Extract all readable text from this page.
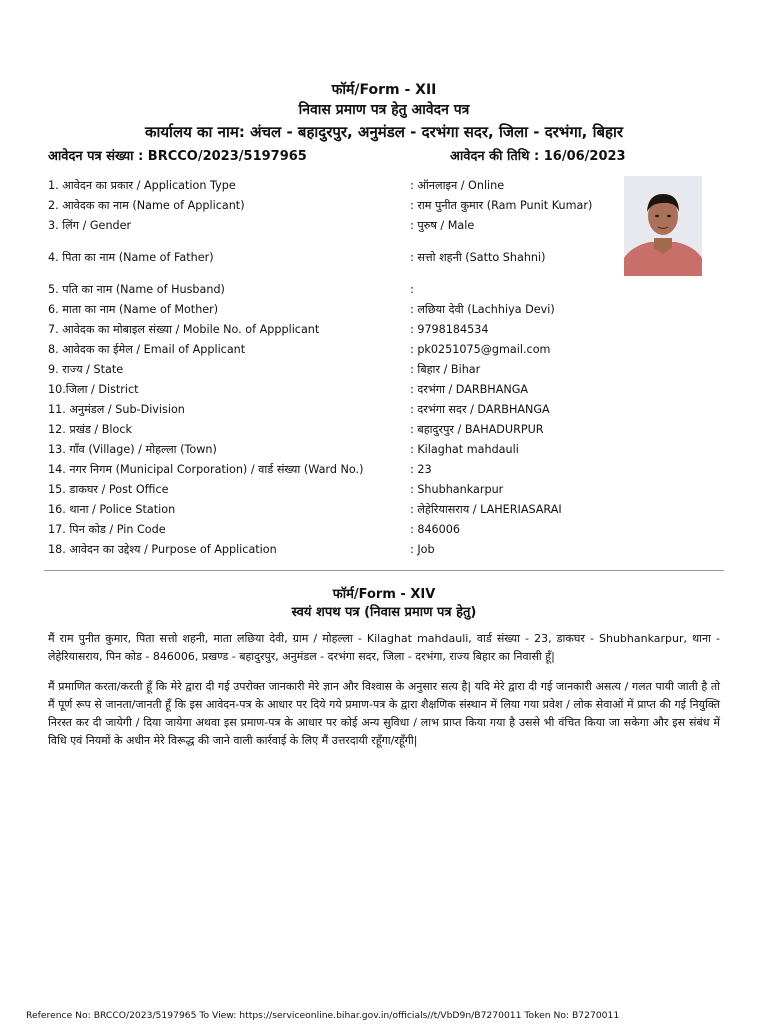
फॉर्म/Form - XII
निवास प्रमाण पत्र हेतु आवेदन पत्र
कार्यालय का नाम: अंचल - बहादुरपुर, अनुमंडल - दरभंगा सदर, जिला - दरभंगा, बिहार
आवेदन पत्र संख्या : BRCCO/2023/5197965	आवेदन की तिथि : 16/06/2023
1. आवेदन का प्रकार / Application Type	: ऑनलाइन / Online
2. आवेदक का नाम (Name of Applicant)	: राम पुनीत कुमार (Ram Punit Kumar)
3. लिंग / Gender	: पुरुष / Male
4. पिता का नाम (Name of Father)	: सत्तो शहनी (Satto Shahni)
5. पति का नाम (Name of Husband)	:
6. माता का नाम (Name of Mother)	: लछिया देवी (Lachhiya Devi)
7. आवेदक का मोबाइल संख्या / Mobile No. of Appplicant	: 9798184534
8. आवेदक का ईमेल / Email of Applicant	: pk0251075@gmail.com
9. राज्य / State	: बिहार / Bihar
10.जिला / District	: दरभंगा / DARBHANGA
11. अनुमंडल / Sub-Division	: दरभंगा सदर / DARBHANGA
12. प्रखंड / Block	: बहादुरपुर / BAHADURPUR
13. गाँव (Village) / मोहल्ला (Town)	: Kilaghat mahdauli
14. नगर निगम (Municipal Corporation) / वार्ड संख्या (Ward No.)	: 23
15. डाकघर / Post Office	: Shubhankarpur
16. थाना / Police Station	: लेहेरियासराय / LAHERIASARAI
17. पिन कोड / Pin Code	: 846006
18. आवेदन का उद्देश्य / Purpose of Application	: Job
फॉर्म/Form - XIV
स्वयं शपथ पत्र (निवास प्रमाण पत्र हेतु)
मैं राम पुनीत कुमार, पिता सत्तो शहनी, माता लछिया देवी, ग्राम / मोहल्ला - Kilaghat mahdauli, वार्ड संख्या - 23, डाकघर - Shubhankarpur, थाना - लेहेरियासराय, पिन कोड - 846006, प्रखण्ड - बहादुरपुर, अनुमंडल - दरभंगा सदर, जिला - दरभंगा, राज्य बिहार का निवासी हूँ|
मैं प्रमाणित करता/करती हूँ कि मेरे द्वारा दी गई उपरोक्त जानकारी मेरे ज्ञान और विश्वास के अनुसार सत्य है| यदि मेरे द्वारा दी गई जानकारी असत्य / गलत पायी जाती है तो मैं पूर्ण रूप से जानता/जानती हूँ कि इस आवेदन-पत्र के आधार पर दिये गये प्रमाण-पत्र के द्वारा शैक्षणिक संस्थान में लिया गया प्रवेश / लोक सेवाओं में प्राप्त की गई नियुक्ति निरस्त कर दी जायेगी / दिया जायेगा अथवा इस प्रमाण-पत्र के आधार पर कोई अन्य सुविधा / लाभ प्राप्त किया गया है उससे भी वंचित किया जा सकेगा और इस संबंध में विधि एवं नियमों के अधीन मेरे विरूद्ध की जाने वाली कार्रवाई के लिए मैं उत्तरदायी रहूँगा/रहूँगी|
Reference No: BRCCO/2023/5197965 To View: https://serviceonline.bihar.gov.in/officials//t/VbD9n/B7270011 Token No: B7270011
